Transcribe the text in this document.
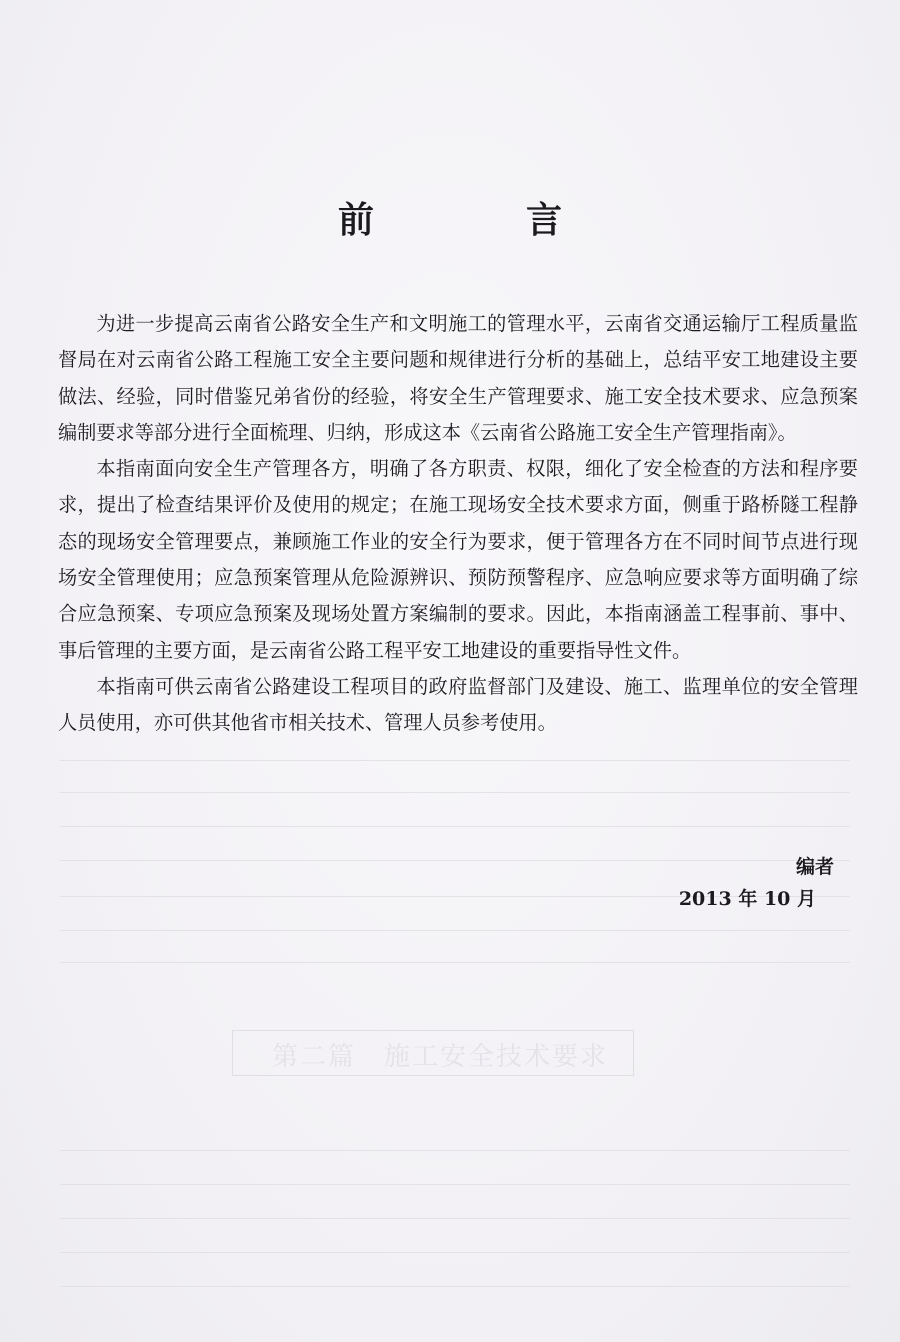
第二篇　施工安全技术要求
前　言

为进一步提高云南省公路安全生产和文明施工的管理水平，云南省交通运输厅工程质量监督局在对云南省公路工程施工安全主要问题和规律进行分析的基础上，总结平安工地建设主要做法、经验，同时借鉴兄弟省份的经验，将安全生产管理要求、施工安全技术要求、应急预案编制要求等部分进行全面梳理、归纳，形成这本《云南省公路施工安全生产管理指南》。

本指南面向安全生产管理各方，明确了各方职责、权限，细化了安全检查的方法和程序要求，提出了检查结果评价及使用的规定；在施工现场安全技术要求方面，侧重于路桥隧工程静态的现场安全管理要点，兼顾施工作业的安全行为要求，便于管理各方在不同时间节点进行现场安全管理使用；应急预案管理从危险源辨识、预防预警程序、应急响应要求等方面明确了综合应急预案、专项应急预案及现场处置方案编制的要求。因此，本指南涵盖工程事前、事中、事后管理的主要方面，是云南省公路工程平安工地建设的重要指导性文件。

本指南可供云南省公路建设工程项目的政府监督部门及建设、施工、监理单位的安全管理人员使用，亦可供其他省市相关技术、管理人员参考使用。

编者
2013 年 10 月
